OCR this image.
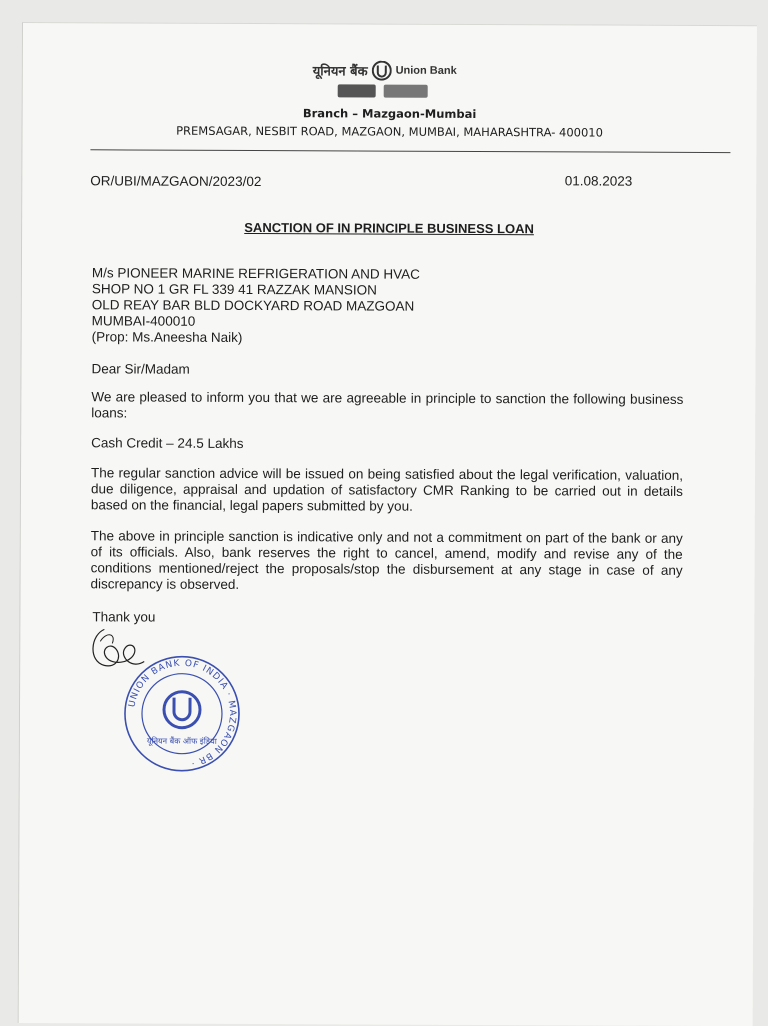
यूनियन बैंक	Union Bank
Branch – Mazgaon-Mumbai
PREMSAGAR, NESBIT ROAD, MAZGAON, MUMBAI, MAHARASHTRA- 400010
OR/UBI/MAZGAON/2023/02	01.08.2023
SANCTION OF IN PRINCIPLE BUSINESS LOAN
M/s PIONEER MARINE REFRIGERATION AND HVAC
SHOP NO 1 GR FL 339 41 RAZZAK MANSION
OLD REAY BAR BLD DOCKYARD ROAD MAZGOAN
MUMBAI-400010
(Prop: Ms.Aneesha Naik)
Dear Sir/Madam
We are pleased to inform you that we are agreeable in principle to sanction the following business loans:
Cash Credit – 24.5 Lakhs
The regular sanction advice will be issued on being satisfied about the legal verification, valuation, due diligence, appraisal and updation of satisfactory CMR Ranking to be carried out in details based on the financial, legal papers submitted by you.
The above in principle sanction is indicative only and not a commitment on part of the bank or any of its officials. Also, bank reserves the right to cancel, amend, modify and revise any of the conditions mentioned/reject the proposals/stop the disbursement at any stage in case of any discrepancy is observed.
Thank you
UNION BANK OF INDIA · MAZGAON BR ·
यूनियन बैंक ऑफ इंडिया
